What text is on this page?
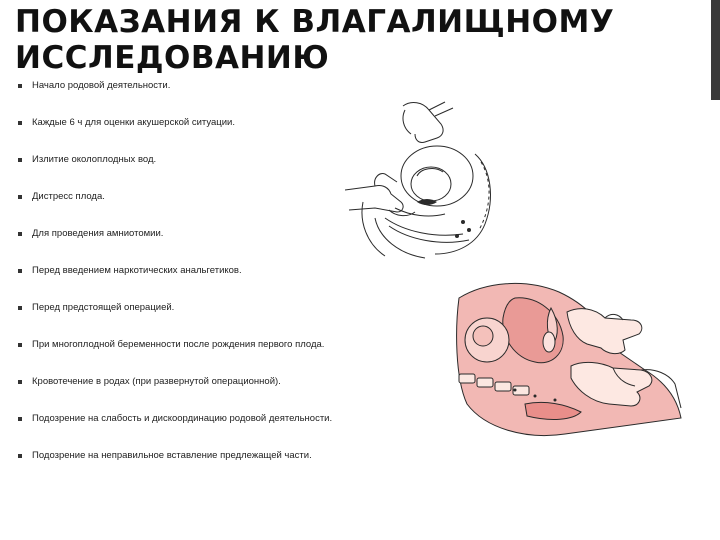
ПОКАЗАНИЯ К ВЛАГАЛИЩНОМУ ИССЛЕДОВАНИЮ
Начало родовой деятельности.
Каждые 6 ч для оценки акушерской ситуации.
Излитие околоплодных вод.
Дистресс плода.
Для проведения амниотомии.
Перед введением наркотических анальгетиков.
Перед предстоящей операцией.
При многоплодной беременности после рождения первого плода.
Кровотечение в родах (при развернутой операционной).
Подозрение на слабость и дискоординацию родовой деятельности.
Подозрение на неправильное вставление предлежащей части.
